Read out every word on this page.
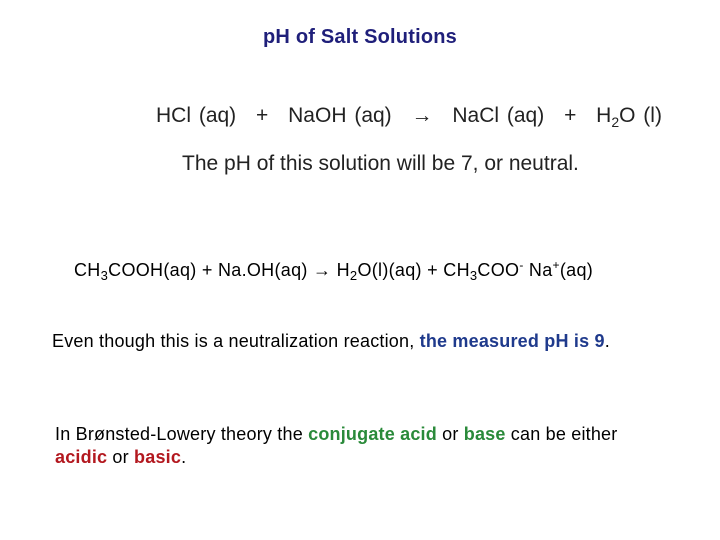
pH of Salt Solutions
HCl (aq) + NaOH (aq) → NaCl $(aq) + H_2O$ (l)
The pH of this solution will be 7, or neutral.
$CH_3COOH(aq) + Na.OH(aq) \to H_2O(l)(aq) + CH_3COO^-$ Na+(aq)
Even though this is a neutralization reaction, the measured pH is 9.
In Brønsted-Lowery theory the conjugate acid or base can be either
acidic or basic.
